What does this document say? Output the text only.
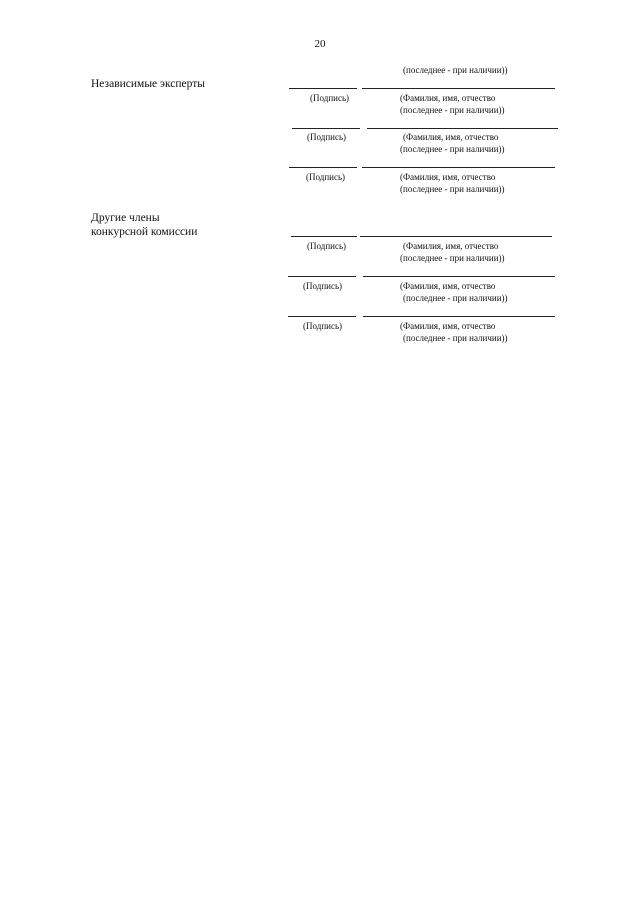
20
(последнее - при наличии))
Независимые эксперты
(Подпись)	(Фамилия, имя, отчество
(последнее - при наличии))
(Подпись)	(Фамилия, имя, отчество
(последнее - при наличии))
(Подпись)	(Фамилия, имя, отчество
(последнее - при наличии))
Другие члены
конкурсной комиссии
(Подпись)	(Фамилия, имя, отчество
(последнее - при наличии))
(Подпись)	(Фамилия, имя, отчество
(последнее - при наличии))
(Подпись)	(Фамилия, имя, отчество
(последнее - при наличии))
